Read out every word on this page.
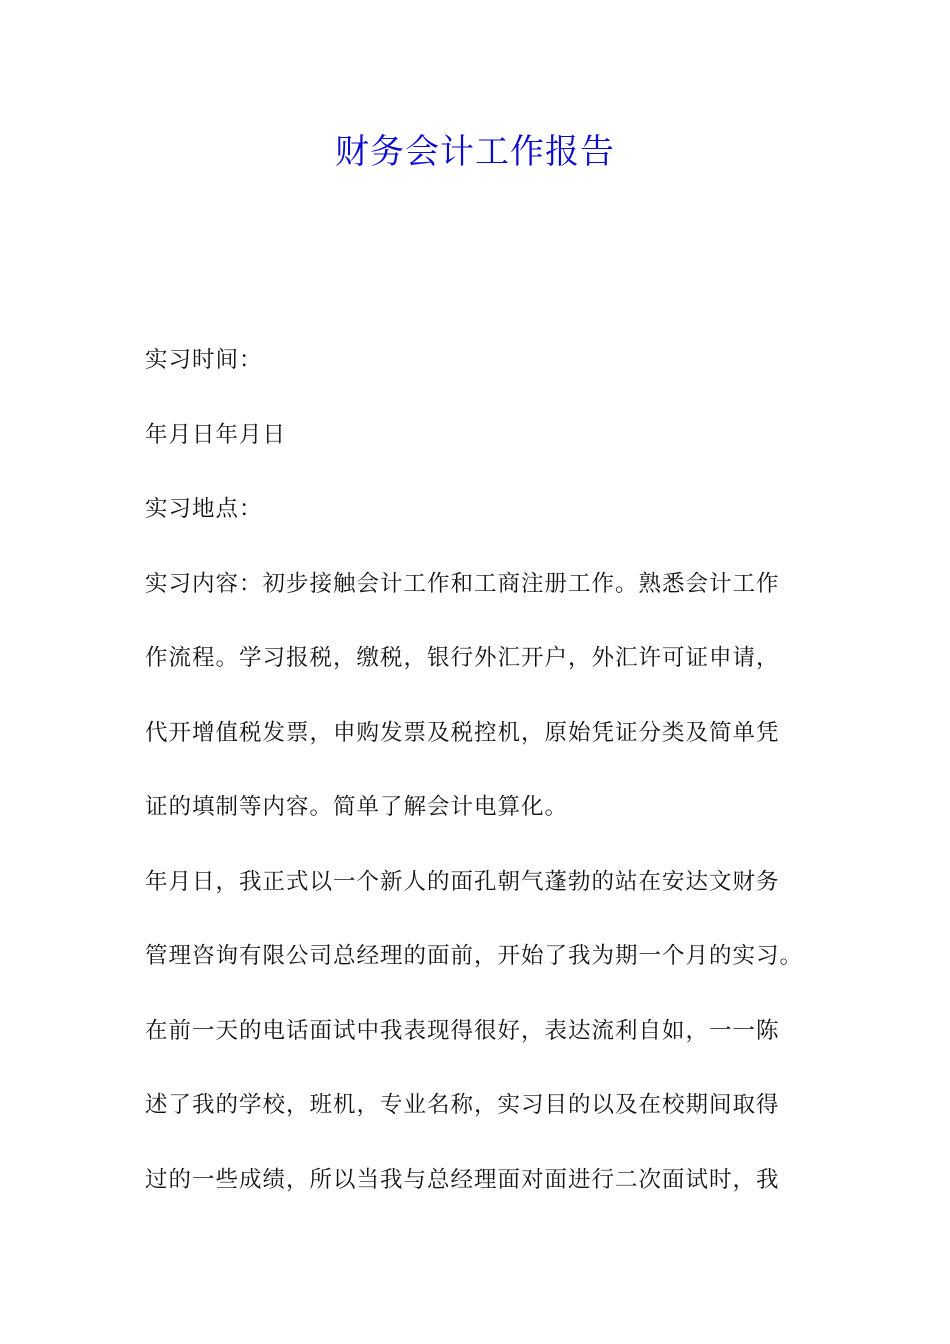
财务会计工作报告
实习时间：
年月日年月日
实习地点：
实习内容：初步接触会计工作和工商注册工作。熟悉会计工作
作流程。学习报税，缴税，银行外汇开户，外汇许可证申请，
代开增值税发票，申购发票及税控机，原始凭证分类及简单凭
证的填制等内容。简单了解会计电算化。
年月日，我正式以一个新人的面孔朝气蓬勃的站在安达文财务
管理咨询有限公司总经理的面前，开始了我为期一个月的实习。
在前一天的电话面试中我表现得很好，表达流利自如，一一陈
述了我的学校，班机，专业名称，实习目的以及在校期间取得
过的一些成绩，所以当我与总经理面对面进行二次面试时，我
